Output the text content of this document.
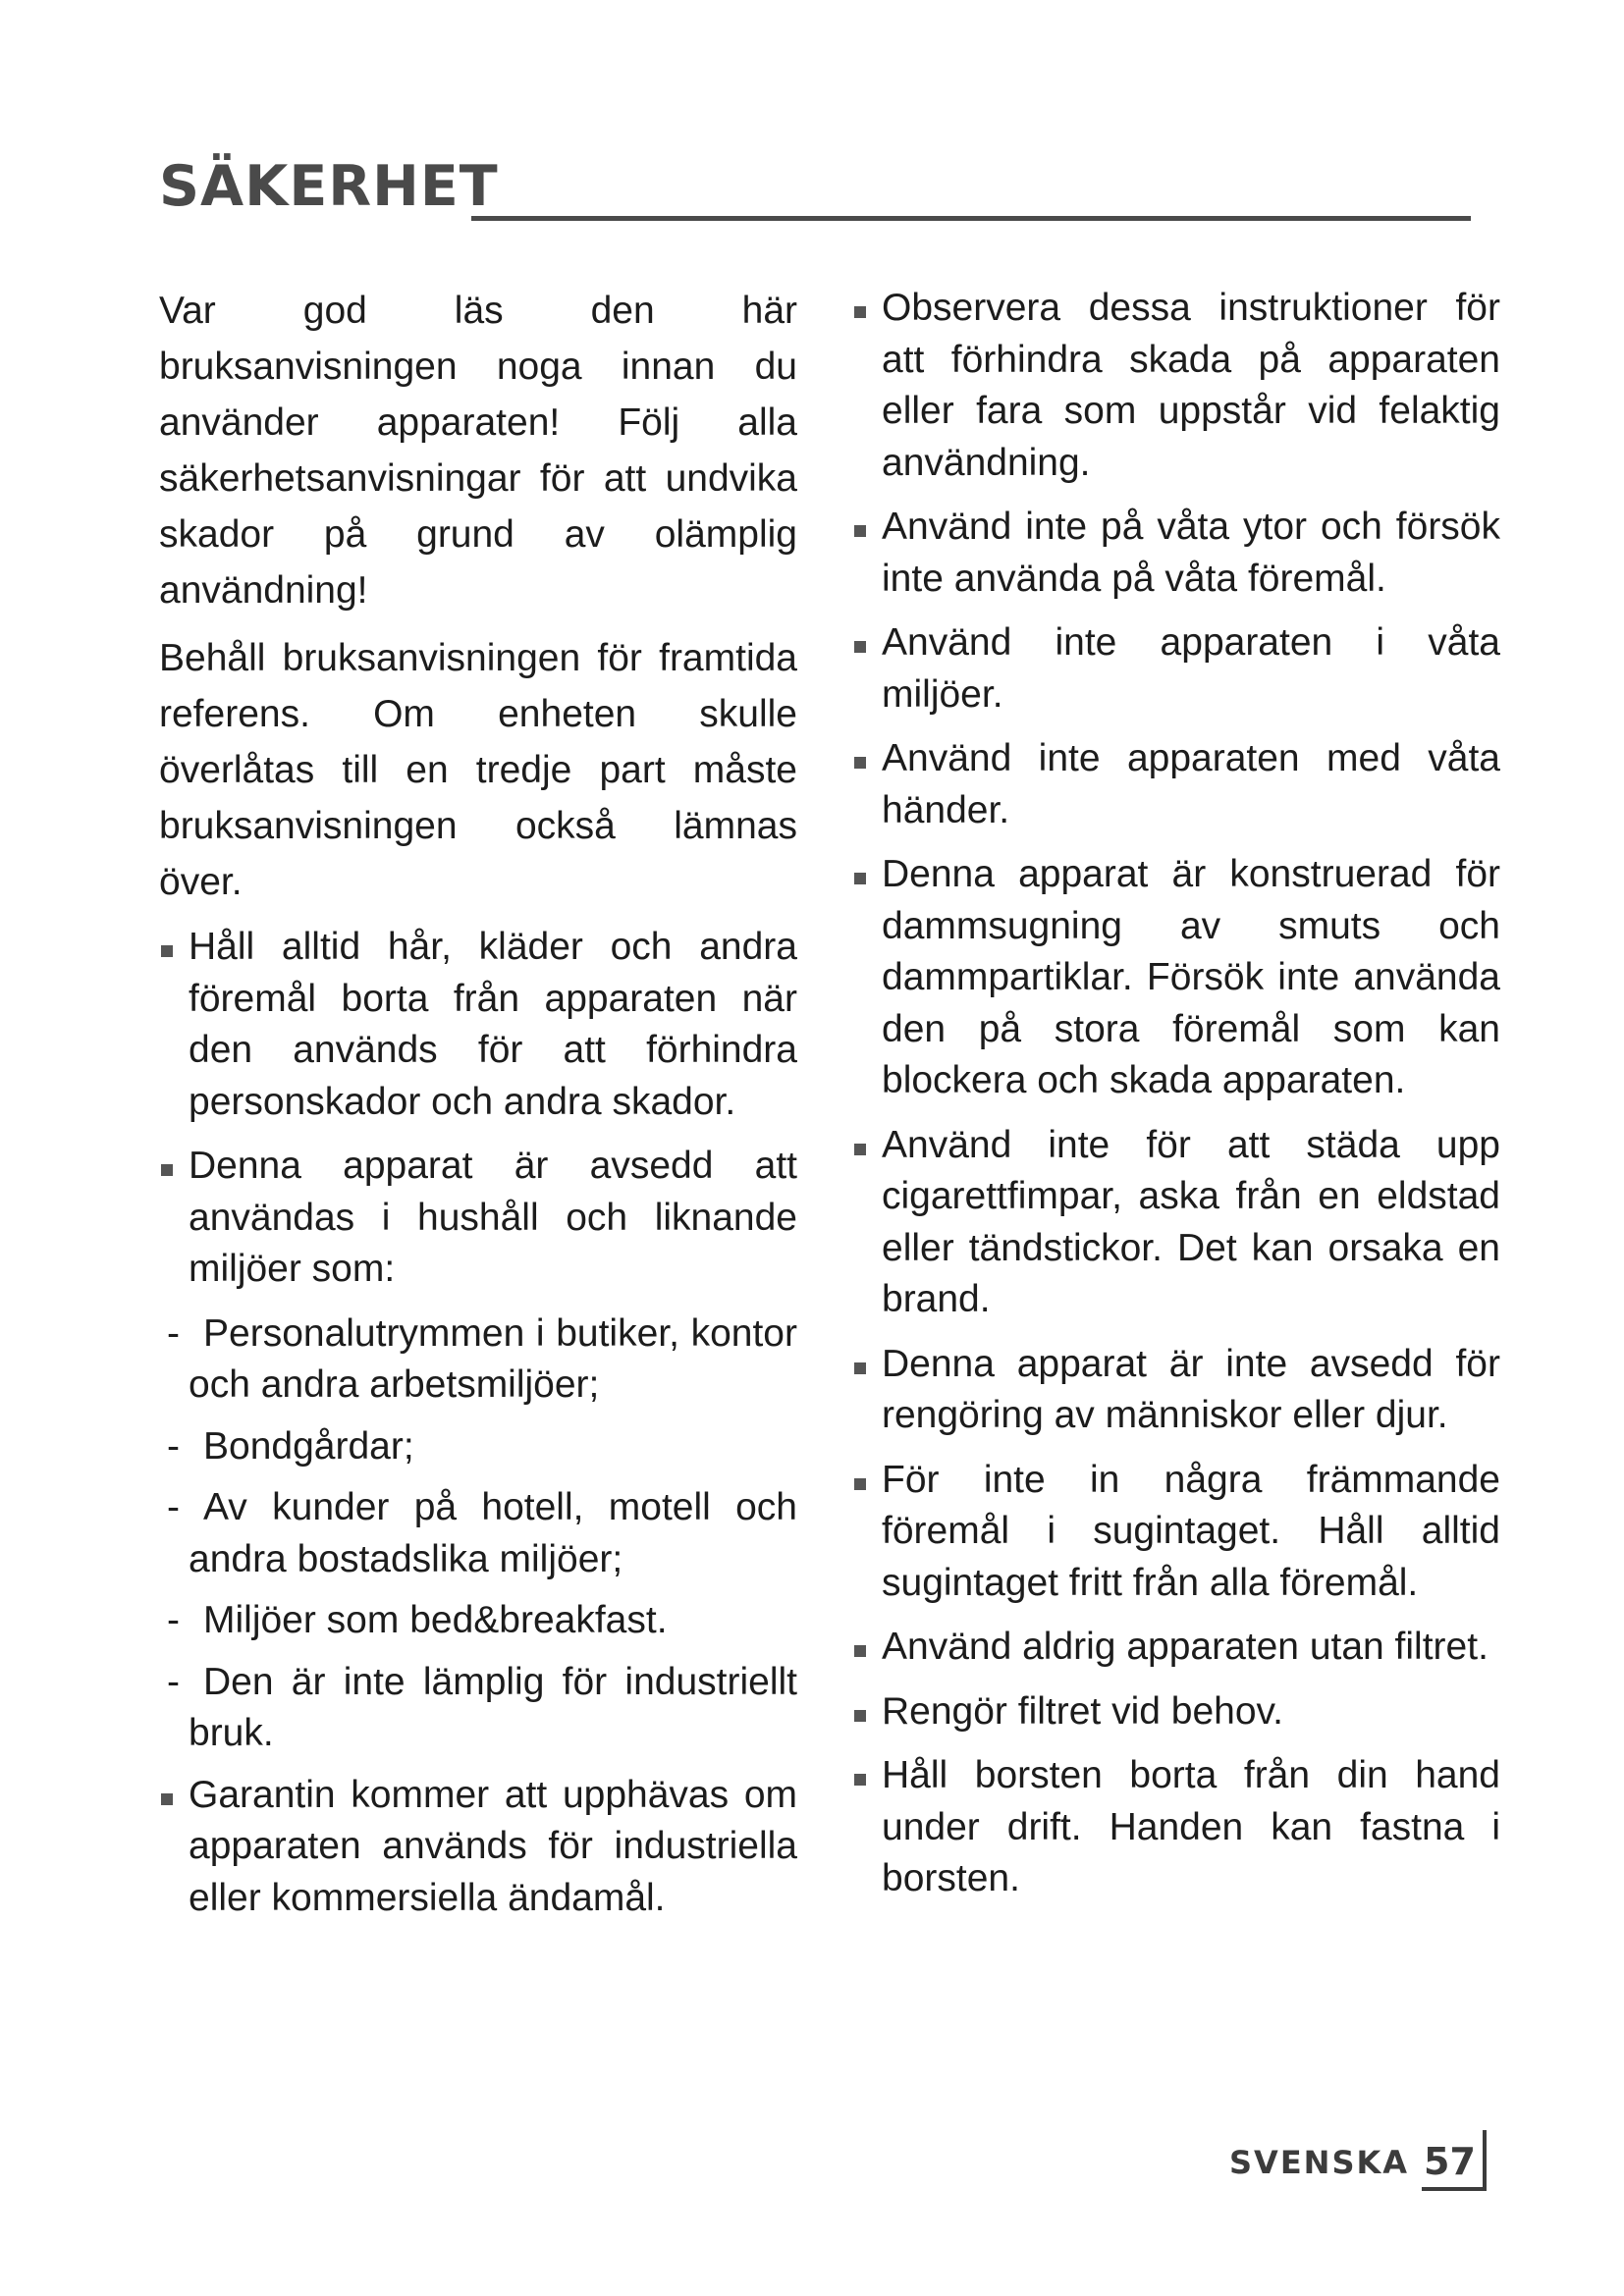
SÄKERHET

Var god läs den här bruksanvisningen noga innan du använder apparaten! Följ alla säkerhetsanvisningar för att undvika skador på grund av olämplig användning!

Behåll bruksanvisningen för framtida referens. Om enheten skulle överlåtas till en tredje part måste bruksanvisningen också lämnas över.

Håll alltid hår, kläder och andra föremål borta från apparaten när den används för att förhindra personskador och andra skador.
Denna apparat är avsedd att användas i hushåll och liknande miljöer som:
- Personalutrymmen i butiker, kontor och andra arbetsmiljöer;
- Bondgårdar;
- Av kunder på hotell, motell och andra bostadslika miljöer;
- Miljöer som bed&breakfast.
- Den är inte lämplig för industriellt bruk.
Garantin kommer att upphävas om apparaten används för industriella eller kommersiella ändamål.
Observera dessa instruktioner för att förhindra skada på apparaten eller fara som uppstår vid felaktig användning.
Använd inte på våta ytor och försök inte använda på våta föremål.
Använd inte apparaten i våta miljöer.
Använd inte apparaten med våta händer.
Denna apparat är konstruerad för dammsugning av smuts och dammpartiklar. Försök inte använda den på stora föremål som kan blockera och skada apparaten.
Använd inte för att städa upp cigarettfimpar, aska från en eldstad eller tändstickor. Det kan orsaka en brand.
Denna apparat är inte avsedd för rengöring av människor eller djur.
För inte in några främmande föremål i sugintaget. Håll alltid sugintaget fritt från alla föremål.
Använd aldrig apparaten utan filtret.
Rengör filtret vid behov.
Håll borsten borta från din hand under drift. Handen kan fastna i borsten.
SVENSKA 57
